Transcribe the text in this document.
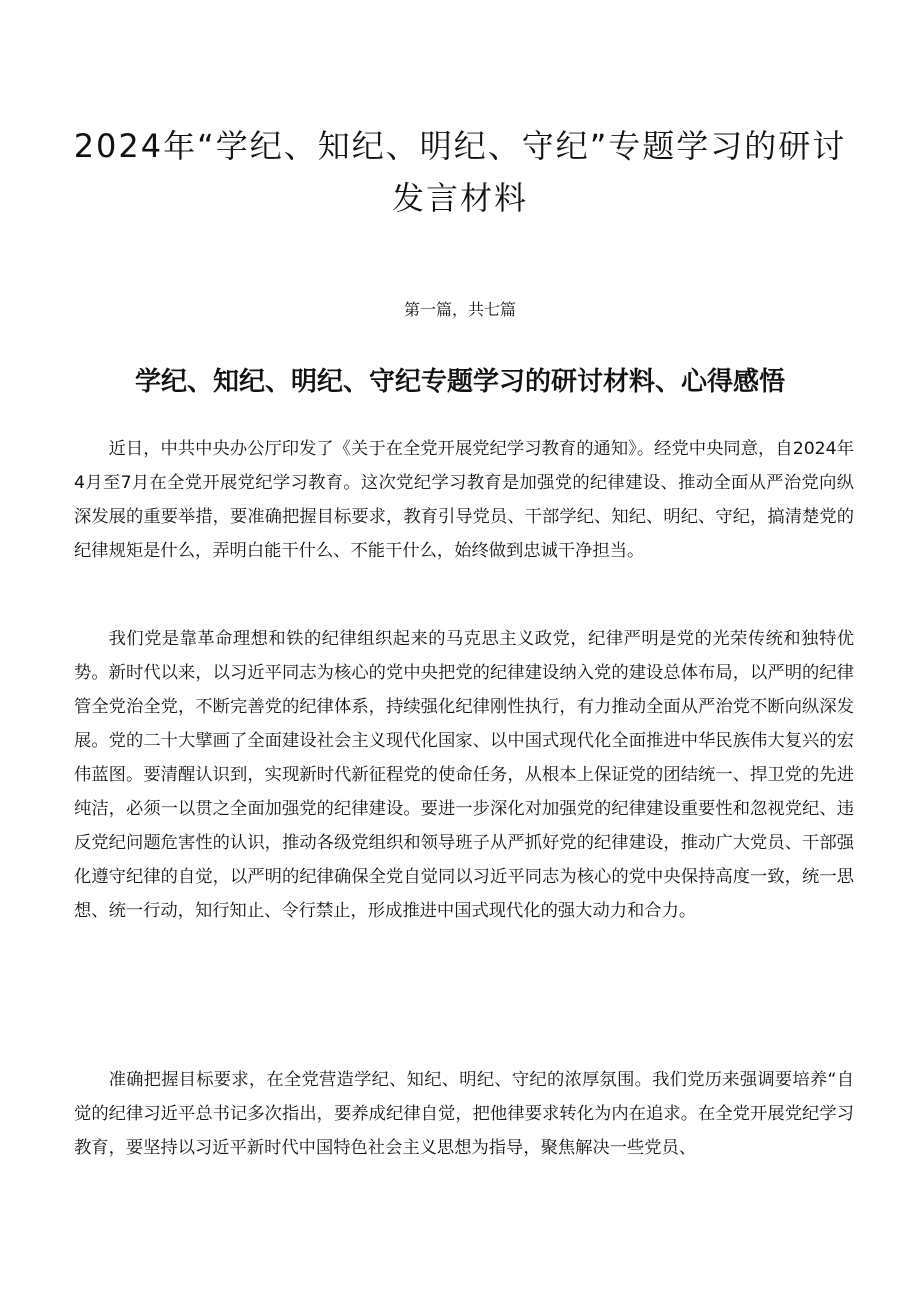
2024年“学纪、知纪、明纪、守纪”专题学习的研讨发言材料

第一篇，共七篇

学纪、知纪、明纪、守纪专题学习的研讨材料、心得感悟

近日，中共中央办公厅印发了《关于在全党开展党纪学习教育的通知》。经党中央同意，自2024年4月至7月在全党开展党纪学习教育。这次党纪学习教育是加强党的纪律建设、推动全面从严治党向纵深发展的重要举措，要准确把握目标要求，教育引导党员、干部学纪、知纪、明纪、守纪，搞清楚党的纪律规矩是什么，弄明白能干什么、不能干什么，始终做到忠诚干净担当。

我们党是靠革命理想和铁的纪律组织起来的马克思主义政党，纪律严明是党的光荣传统和独特优势。新时代以来，以习近平同志为核心的党中央把党的纪律建设纳入党的建设总体布局，以严明的纪律管全党治全党，不断完善党的纪律体系，持续强化纪律刚性执行，有力推动全面从严治党不断向纵深发展。党的二十大擘画了全面建设社会主义现代化国家、以中国式现代化全面推进中华民族伟大复兴的宏伟蓝图。要清醒认识到，实现新时代新征程党的使命任务，从根本上保证党的团结统一、捍卫党的先进纯洁，必须一以贯之全面加强党的纪律建设。要进一步深化对加强党的纪律建设重要性和忽视党纪、违反党纪问题危害性的认识，推动各级党组织和领导班子从严抓好党的纪律建设，推动广大党员、干部强化遵守纪律的自觉，以严明的纪律确保全党自觉同以习近平同志为核心的党中央保持高度一致，统一思想、统一行动，知行知止、令行禁止，形成推进中国式现代化的强大动力和合力。

准确把握目标要求，在全党营造学纪、知纪、明纪、守纪的浓厚氛围。我们党历来强调要培养“自觉的纪律习近平总书记多次指出，要养成纪律自觉，把他律要求转化为内在追求。在全党开展党纪学习教育，要坚持以习近平新时代中国特色社会主义思想为指导，聚焦解决一些党员、
